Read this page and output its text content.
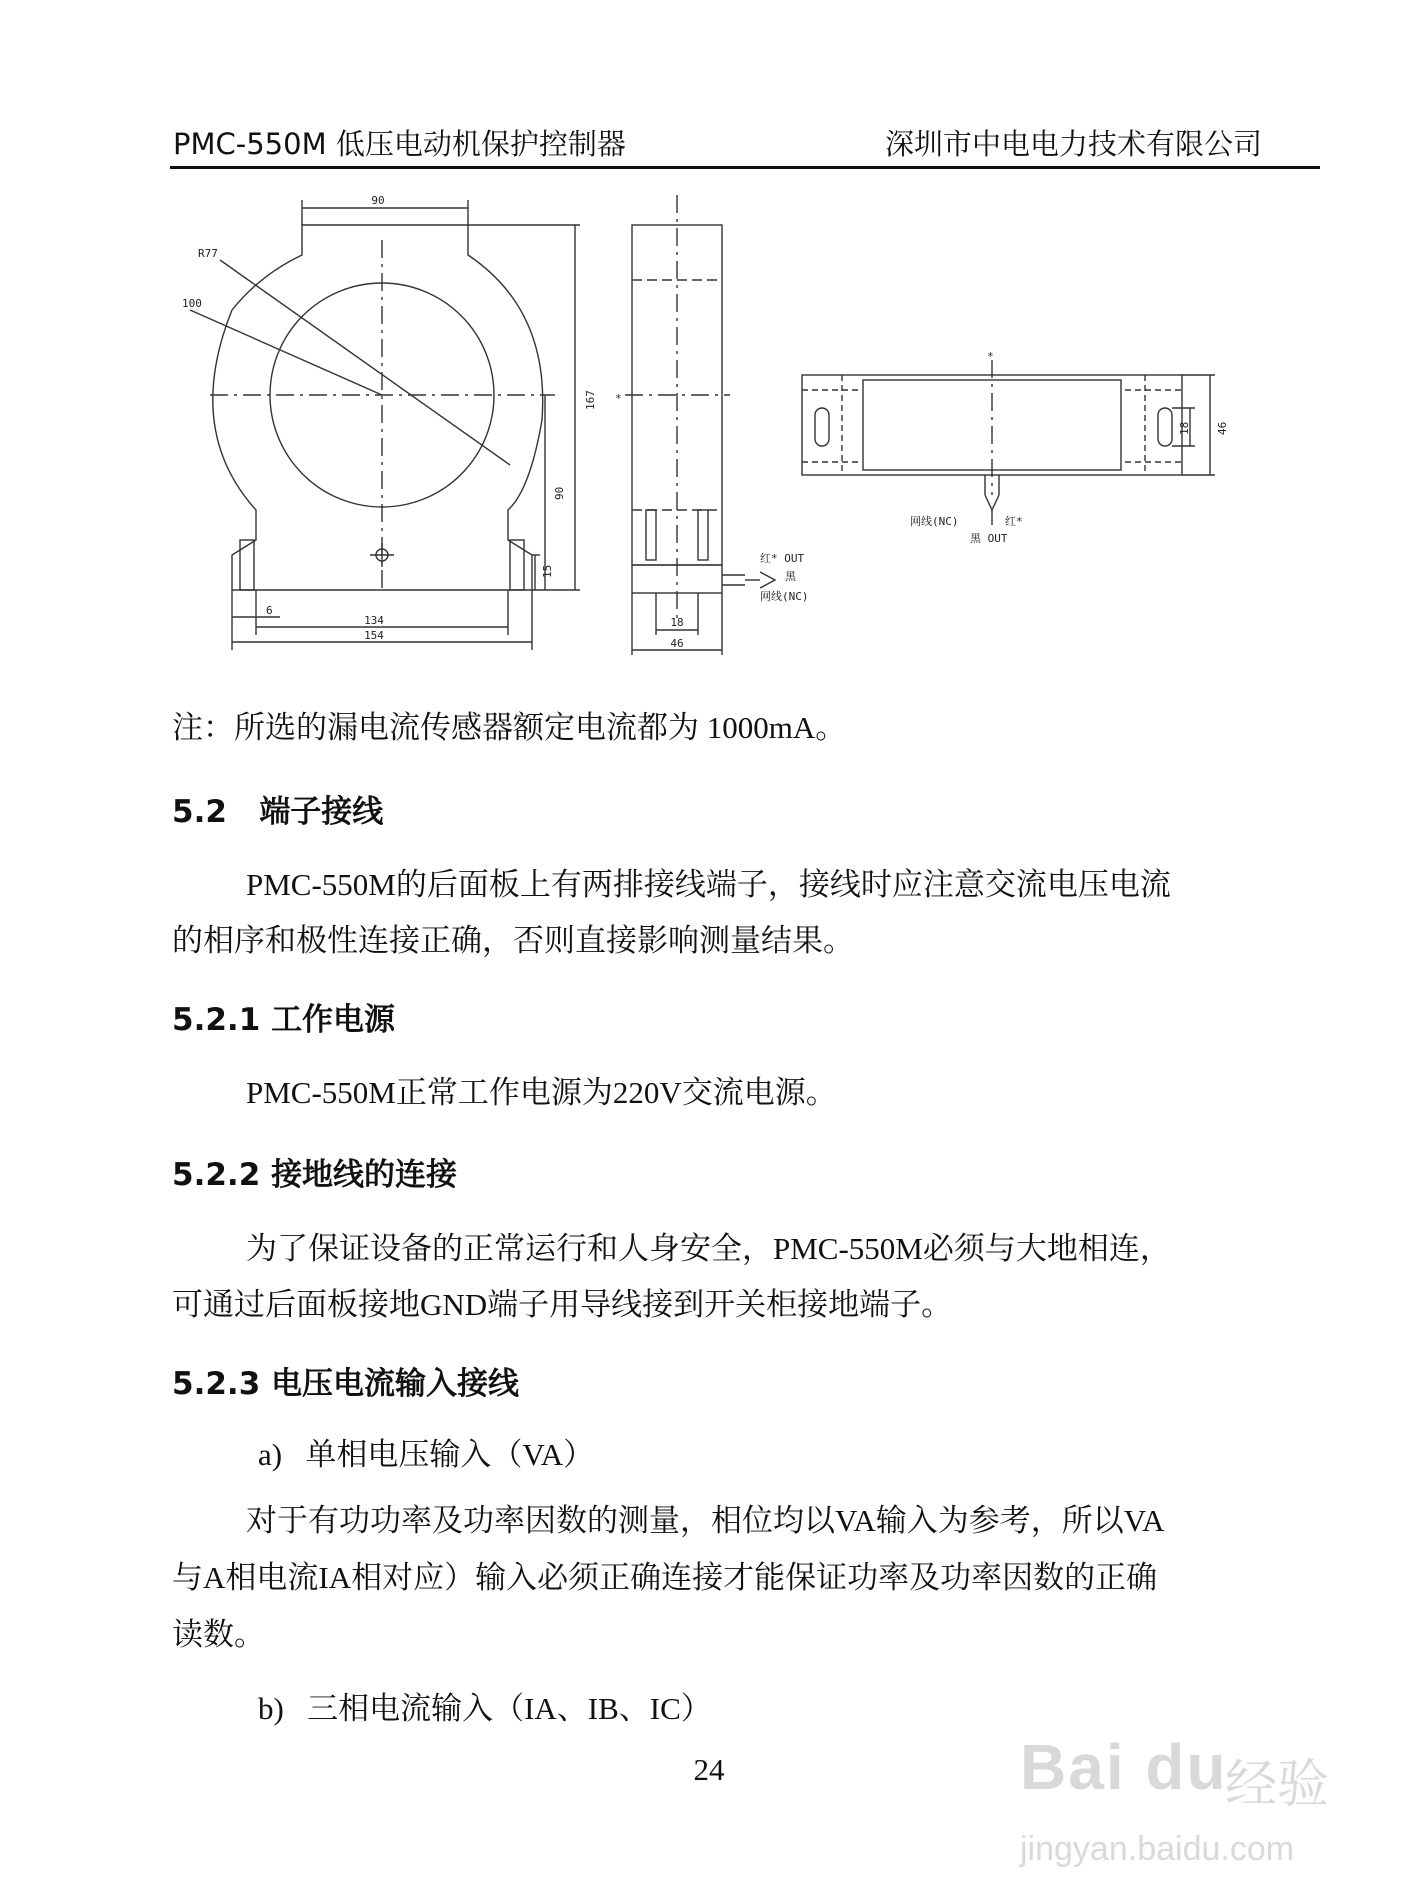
PMC-550M 低压电动机保护控制器	深圳市中电电力技术有限公司
90
R77
100
167
90
15
6
134
154
*
18
46
红* OUT
黑
网线(NC)
*
18 46
网线(NC)	红*
黑 OUT
注：所选的漏电流传感器额定电流都为 1000mA。
5.2 端子接线
PMC-550M的后面板上有两排接线端子，接线时应注意交流电压电流
的相序和极性连接正确，否则直接影响测量结果。
5.2.1 工作电源
PMC-550M正常工作电源为220V交流电源。
5.2.2 接地线的连接
为了保证设备的正常运行和人身安全，PMC-550M必须与大地相连，
可通过后面板接地GND端子用导线接到开关柜接地端子。
5.2.3 电压电流输入接线
a) 单相电压输入（VA）
对于有功功率及功率因数的测量，相位均以VA输入为参考，所以VA
与A相电流IA相对应）输入必须正确连接才能保证功率及功率因数的正确
读数。
b) 三相电流输入（IA、IB、IC）
24	Bai du
经验
jingyan.baidu.com
